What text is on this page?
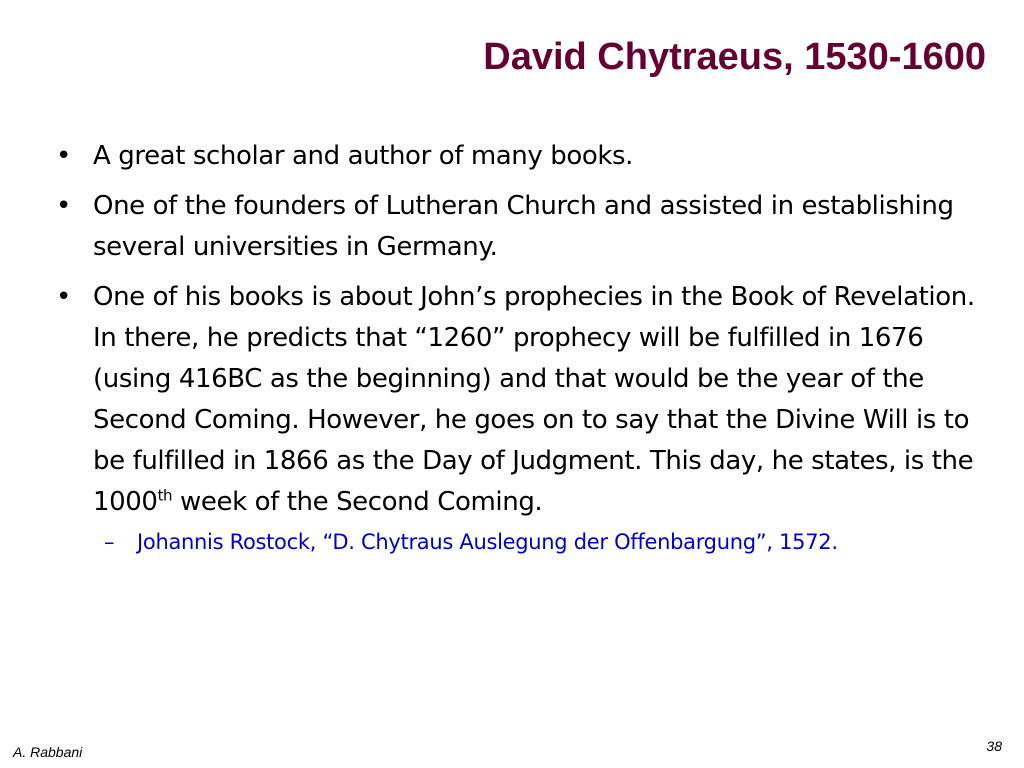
David Chytraeus, 1530-1600
• A great scholar and author of many books.
• One of the founders of Lutheran Church and assisted in establishing several universities in Germany.
• One of his books is about John’s prophecies in the Book of Revelation. In there, he predicts that “1260” prophecy will be fulfilled in 1676 (using 416BC as the beginning) and that would be the year of the Second Coming. However, he goes on to say that the Divine Will is to be fulfilled in 1866 as the Day of Judgment. This day, he states, is the 1000th week of the Second Coming.
– Johannis Rostock, “D. Chytraus Auslegung der Offenbargung”, 1572.
A. Rabbani	38
